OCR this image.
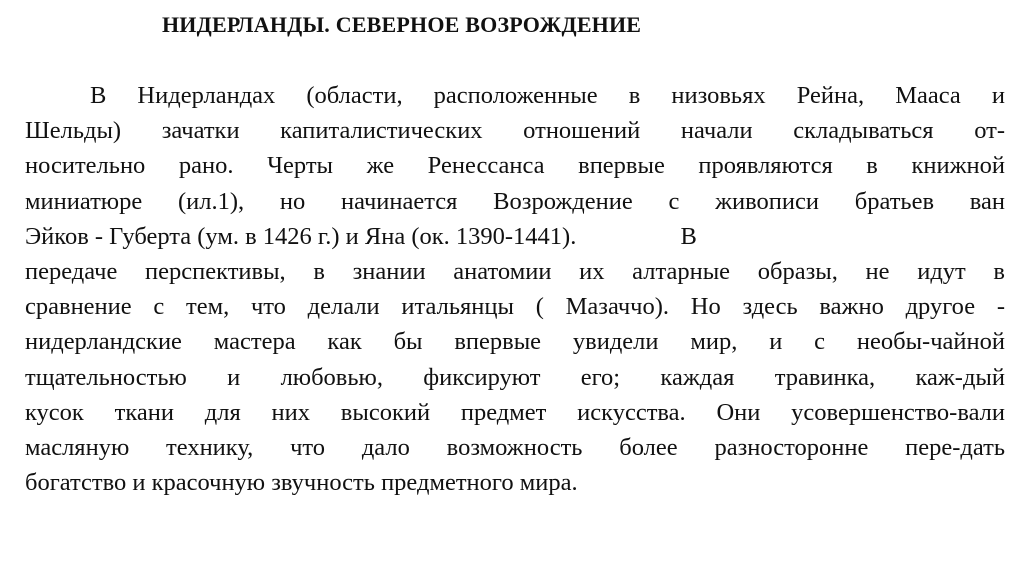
НИДЕРЛАНДЫ. СЕВЕРНОЕ ВОЗРОЖДЕНИЕ
В Нидерландах (области, расположенные в низовьях Рейна, Мааса и
Шельды) зачатки капиталистических отношений начали складываться от-
носительно рано. Черты же Ренессанса впервые проявляются в книжной
миниатюре (ил.1), но начинается Возрождение с живописи братьев ван
Эйков - Губерта (ум. в 1426 г.) и Яна (ок. 1390-1441).                 В
передаче перспективы, в знании анатомии их алтарные образы, не идут в
сравнение с тем, что делали итальянцы ( Мазаччо). Но здесь важно другое -
нидерландские мастера как бы впервые увидели мир, и с необы-чайной
тщательностью и любовью, фиксируют его; каждая травинка, каж-дый
кусок ткани для них высокий предмет искусства. Они усовершенство-вали
масляную технику, что дало возможность более разносторонне пере-дать
богатство и красочную звучность предметного мира.
